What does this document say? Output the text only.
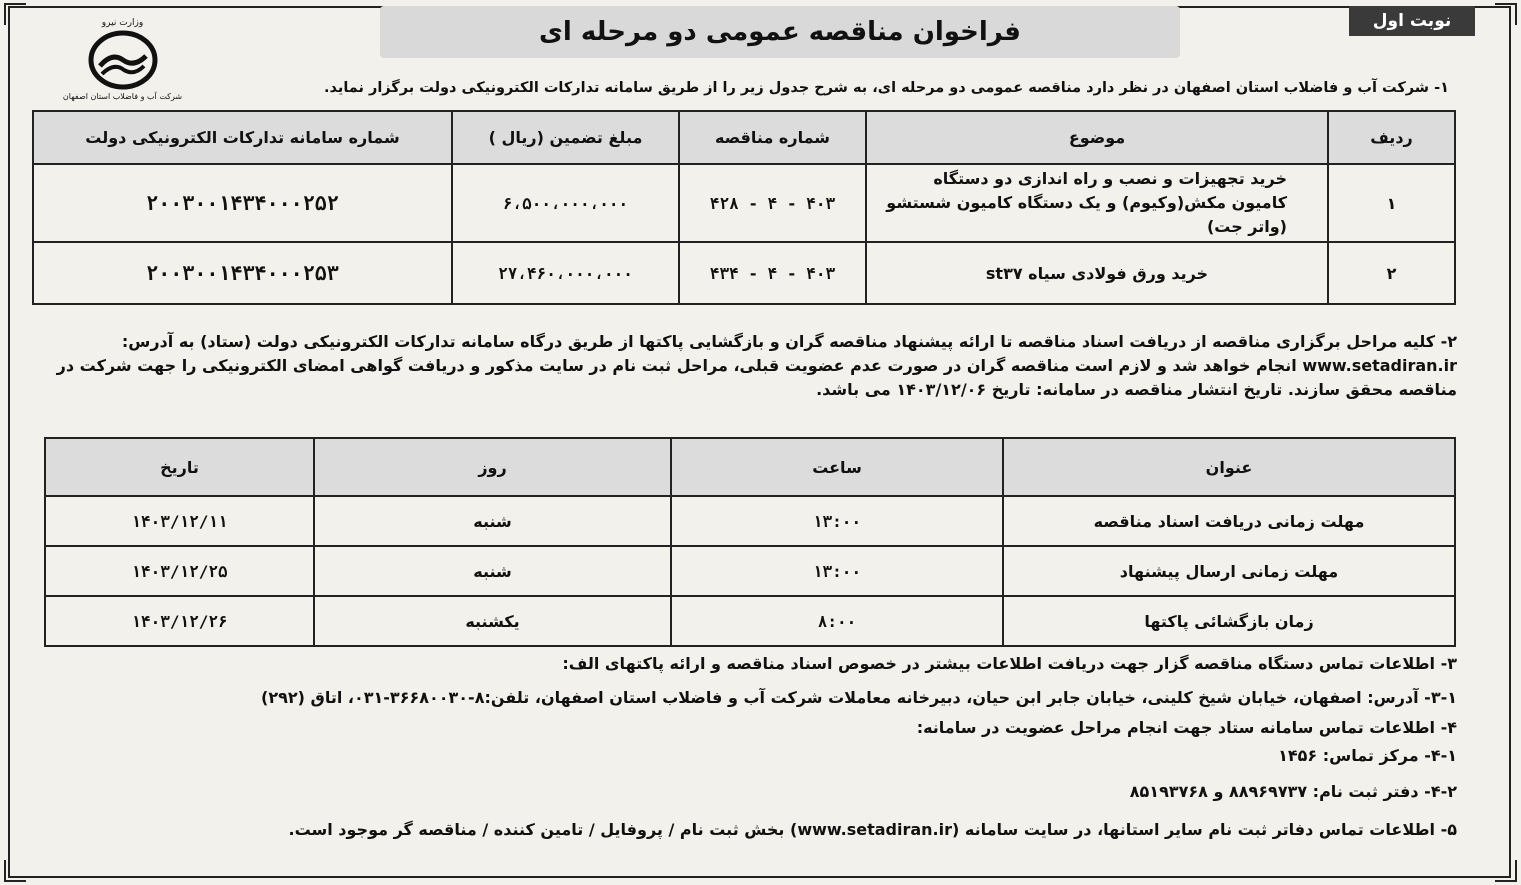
نوبت اول
فراخوان مناقصه عمومی دو مرحله ای
وزارت نیرو
شرکت آب و فاضلاب استان اصفهان
۱- شرکت آب و فاضلاب استان اصفهان در نظر دارد مناقصه عمومی دو مرحله ای، به شرح جدول زیر را از طریق سامانه تدارکات الکترونیکی دولت برگزار نماید.
ردیف	موضوع	شماره مناقصه	مبلغ تضمین (ریال )	شماره سامانه تدارکات الکترونیکی دولت
۱	خرید تجهیزات و نصب و راه اندازی دو دستگاه کامیون مکش(وکیوم) و یک دستگاه کامیون شستشو (واتر جت)	۴۰۳ - ۴ - ۴۲۸	۶،۵۰۰،۰۰۰،۰۰۰	۲۰۰۳۰۰۱۴۳۴۰۰۰۲۵۲
۲	خرید ورق فولادی سیاه st۳۷	۴۰۳ - ۴ - ۴۳۴	۲۷،۴۶۰،۰۰۰،۰۰۰	۲۰۰۳۰۰۱۴۳۴۰۰۰۲۵۳
۲- کلیه مراحل برگزاری مناقصه از دریافت اسناد مناقصه تا ارائه پیشنهاد مناقصه گران و بازگشایی پاکتها از طریق درگاه سامانه تدارکات الکترونیکی دولت (ستاد) به آدرس: www.setadiran.ir انجام خواهد شد و لازم است مناقصه گران در صورت عدم عضویت قبلی، مراحل ثبت نام در سایت مذکور و دریافت گواهی امضای الکترونیکی را جهت شرکت در مناقصه محقق سازند. تاریخ انتشار مناقصه در سامانه: تاریخ ۱۴۰۳/۱۲/۰۶ می باشد.
عنوان	ساعت	روز	تاریخ
مهلت زمانی دریافت اسناد مناقصه	۱۳:۰۰	شنبه	۱۴۰۳/۱۲/۱۱
مهلت زمانی ارسال پیشنهاد	۱۳:۰۰	شنبه	۱۴۰۳/۱۲/۲۵
زمان بازگشائی پاکتها	۸:۰۰	یکشنبه	۱۴۰۳/۱۲/۲۶
۳- اطلاعات تماس دستگاه مناقصه گزار جهت دریافت اطلاعات بیشتر در خصوص اسناد مناقصه و ارائه پاکتهای الف:
۳-۱- آدرس: اصفهان، خیابان شیخ کلینی، خیابان جابر ابن حیان، دبیرخانه معاملات شرکت آب و فاضلاب استان اصفهان، تلفن:۸-۳۶۶۸۰۰۳۰-۰۳۱، اتاق (۲۹۲)
۴- اطلاعات تماس سامانه ستاد جهت انجام مراحل عضویت در سامانه:
۴-۱- مرکز تماس: ۱۴۵۶
۴-۲- دفتر ثبت نام: ۸۸۹۶۹۷۳۷ و ۸۵۱۹۳۷۶۸
۵- اطلاعات تماس دفاتر ثبت نام سایر استانها، در سایت سامانه (www.setadiran.ir) بخش ثبت نام / پروفایل / تامین کننده / مناقصه گر موجود است.
